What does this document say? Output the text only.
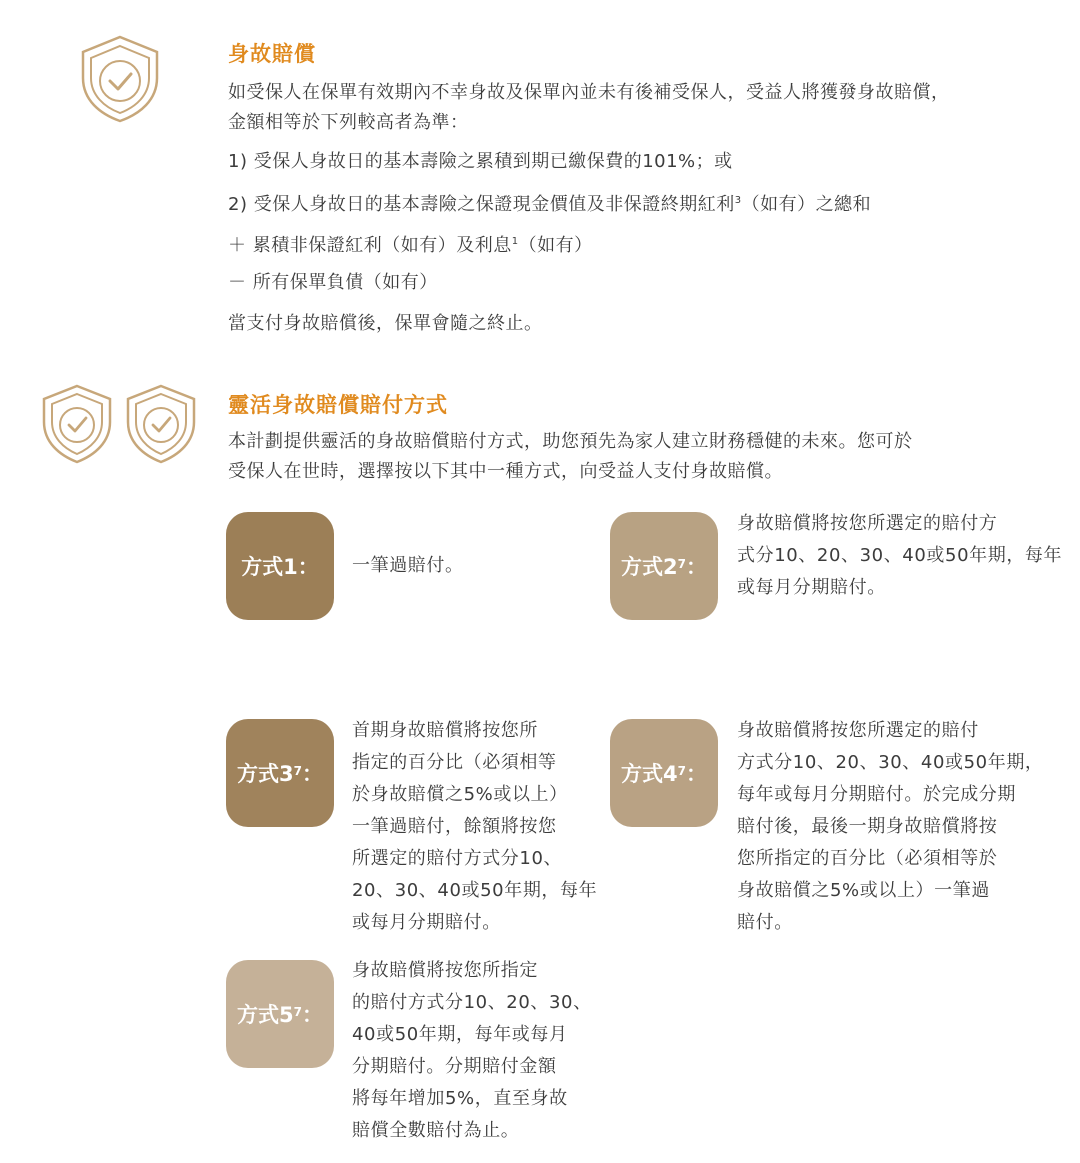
身故賠償
如受保人在保單有效期內不幸身故及保單內並未有後補受保人，受益人將獲發身故賠償，
金額相等於下列較高者為準：
1) 受保人身故日的基本壽險之累積到期已繳保費的101%；或
2) 受保人身故日的基本壽險之保證現金價值及非保證終期紅利$^3$（如有）之總和
＋ 累積非保證紅利（如有）及利息$^1$（如有）
－ 所有保單負債（如有）
當支付身故賠償後，保單會隨之終止。
靈活身故賠償賠付方式
本計劃提供靈活的身故賠償賠付方式，助您預先為家人建立財務穩健的未來。您可於
受保人在世時，選擇按以下其中一種方式，向受益人支付身故賠償。
方式1： 一筆過賠付。	方式$2^7$ ：
身故賠償將按您所選定的賠付方
式分10、20、30、40或50年期，每年
或每月分期賠付。
方式$3^7$ ：
首期身故賠償將按您所
指定的百分比（必須相等
於身故賠償之5%或以上）
一筆過賠付，餘額將按您
所選定的賠付方式分10、
20、30、40或50年期，每年
或每月分期賠付。
方式$4^7$ ：
身故賠償將按您所選定的賠付
方式分10、20、30、40或50年期，
每年或每月分期賠付。於完成分期
賠付後，最後一期身故賠償將按
您所指定的百分比（必須相等於
身故賠償之5%或以上）一筆過
賠付。
方式$5^7$ ：
身故賠償將按您所指定
的賠付方式分10、20、30、
40或50年期，每年或每月
分期賠付。分期賠付金額
將每年增加5%，直至身故
賠償全數賠付為止。
